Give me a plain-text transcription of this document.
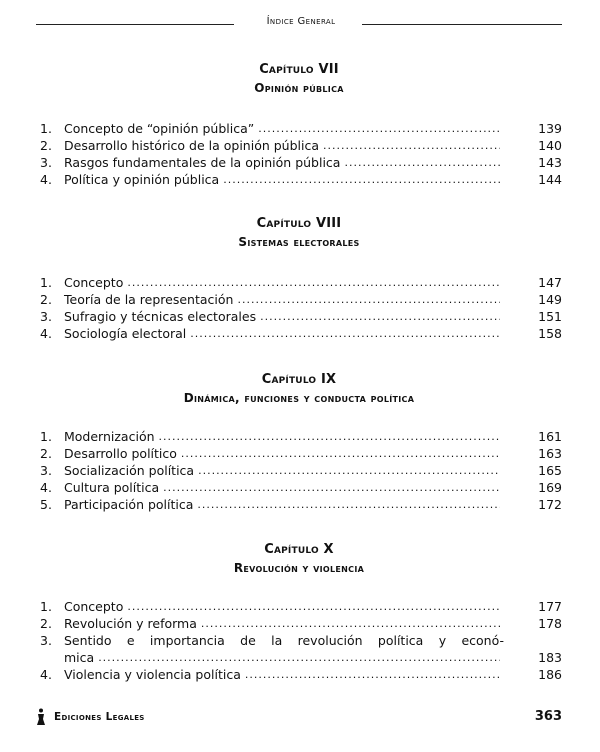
Índice General
Capítulo VII
Opinión pública
1. Concepto de “opinión pública” .....	139
2. Desarrollo histórico de la opinión pública .....	140
3. Rasgos fundamentales de la opinión pública .....	143
4. Política y opinión pública .....	144
Capítulo VIII
Sistemas electorales
1. Concepto .....	147
2. Teoría de la representación .....	149
3. Sufragio y técnicas electorales .....	151
4. Sociología electoral .....	158
Capítulo IX
Dinámica, funciones y conducta política
1. Modernización .....	161
2. Desarrollo político .....	163
3. Socialización política .....	165
4. Cultura política .....	169
5. Participación política .....	172
Capítulo X
Revolución y violencia
1. Concepto .....	177
2. Revolución y reforma .....	178
3. Sentido e importancia de la revolución política y econó-
mica .....	183
4. Violencia y violencia política .....	186
Ediciones Legales	363
